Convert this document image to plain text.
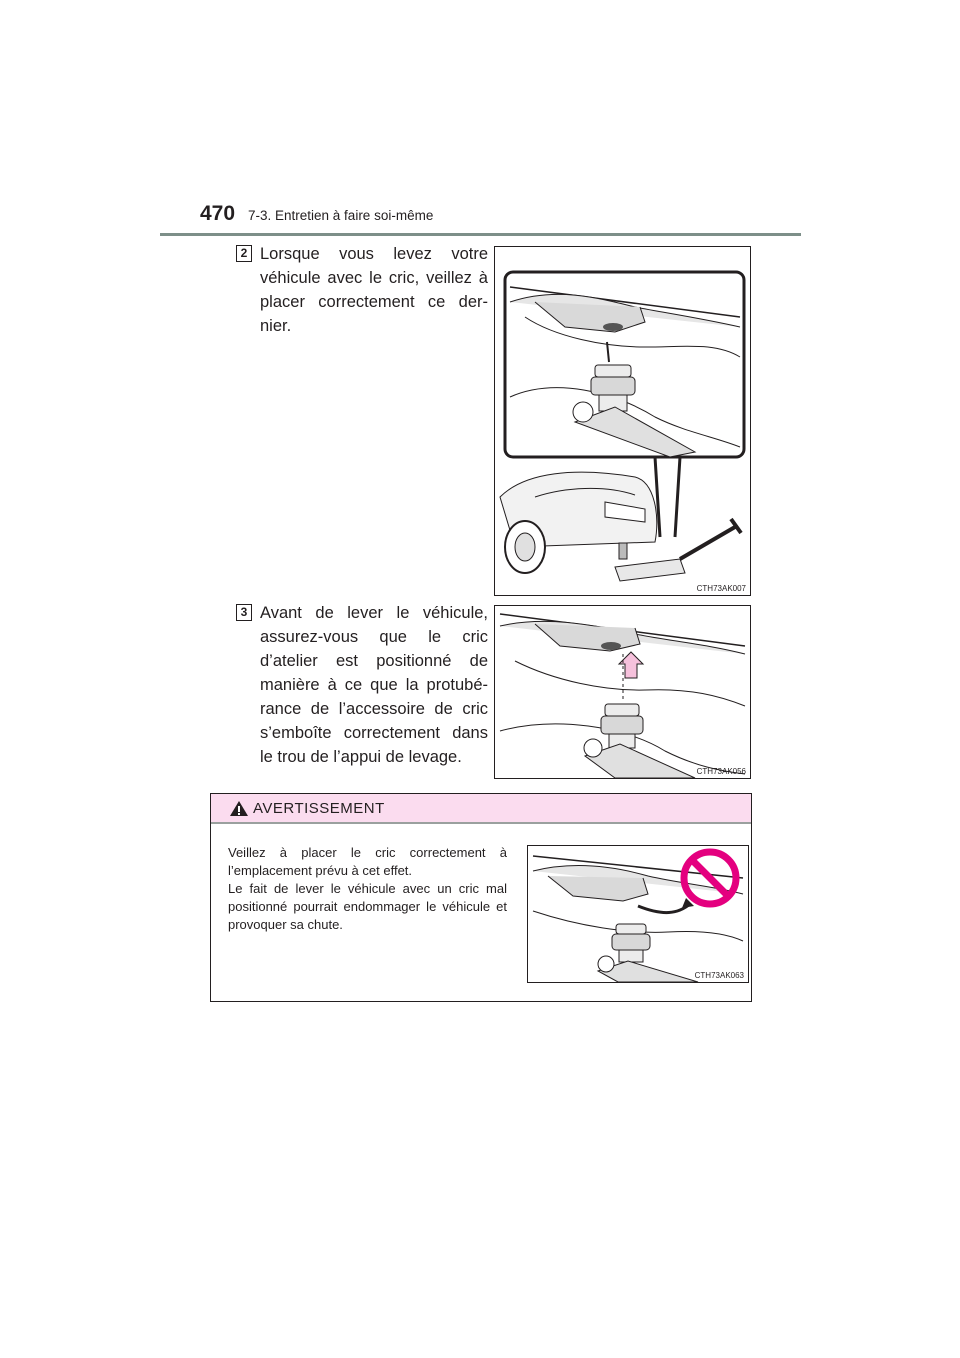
470 7-3. Entretien à faire soi-même
2 Lorsque vous levez votre véhicule avec le cric, veillez à placer correctement ce der-nier.
CTH73AK007
3 Avant de lever le véhicule, assurez-vous que le cric d’atelier est positionné de manière à ce que la protubé-rance de l’accessoire de cric s’emboîte correctement dans le trou de l’appui de levage.
CTH73AK056
AVERTISSEMENT

Veillez à placer le cric correctement à l’emplacement prévu à cet effet.

Le fait de lever le véhicule avec un cric mal positionné pourrait endommager le véhicule et provoquer sa chute.

CTH73AK063
